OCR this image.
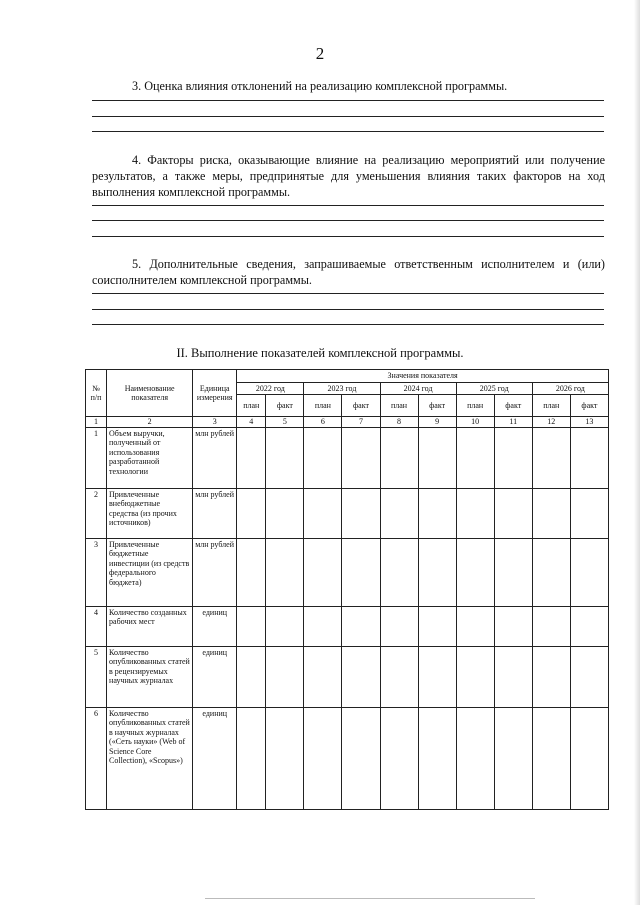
2
3. Оценка влияния отклонений на реализацию комплексной программы.
4. Факторы риска, оказывающие влияние на реализацию мероприятий или получение результатов, а также меры, предпринятые для уменьшения влияния таких факторов на ход выполнения комплексной программы.
5. Дополнительные сведения, запрашиваемые ответственным исполнителем и (или) соисполнителем комплексной программы.
II. Выполнение показателей комплексной программы.
№ п/п	Наименование показателя	Единица измерения	Значения показателя									
			2022 год		2023 год		2024 год		2025 год		2026 год	
			план	факт	план	факт	план	факт	план	факт	план	факт
1	2	3	4	5	6	7	8	9	10	11	12	13
1	Объем выручки, полученный от использования разработанной технологии	млн рублей										
2	Привлеченные внебюджетные средства (из прочих источников)	млн рублей										
3	Привлеченные бюджетные инвестиции (из средств федерального бюджета)	млн рублей										
4	Количество созданных рабочих мест	единиц										
5	Количество опубликованных статей в рецензируемых научных журналах	единиц										
6	Количество опубликованных статей в научных журналах («Сеть науки» (Web of Science Core Collection), «Scopus»)	единиц										
